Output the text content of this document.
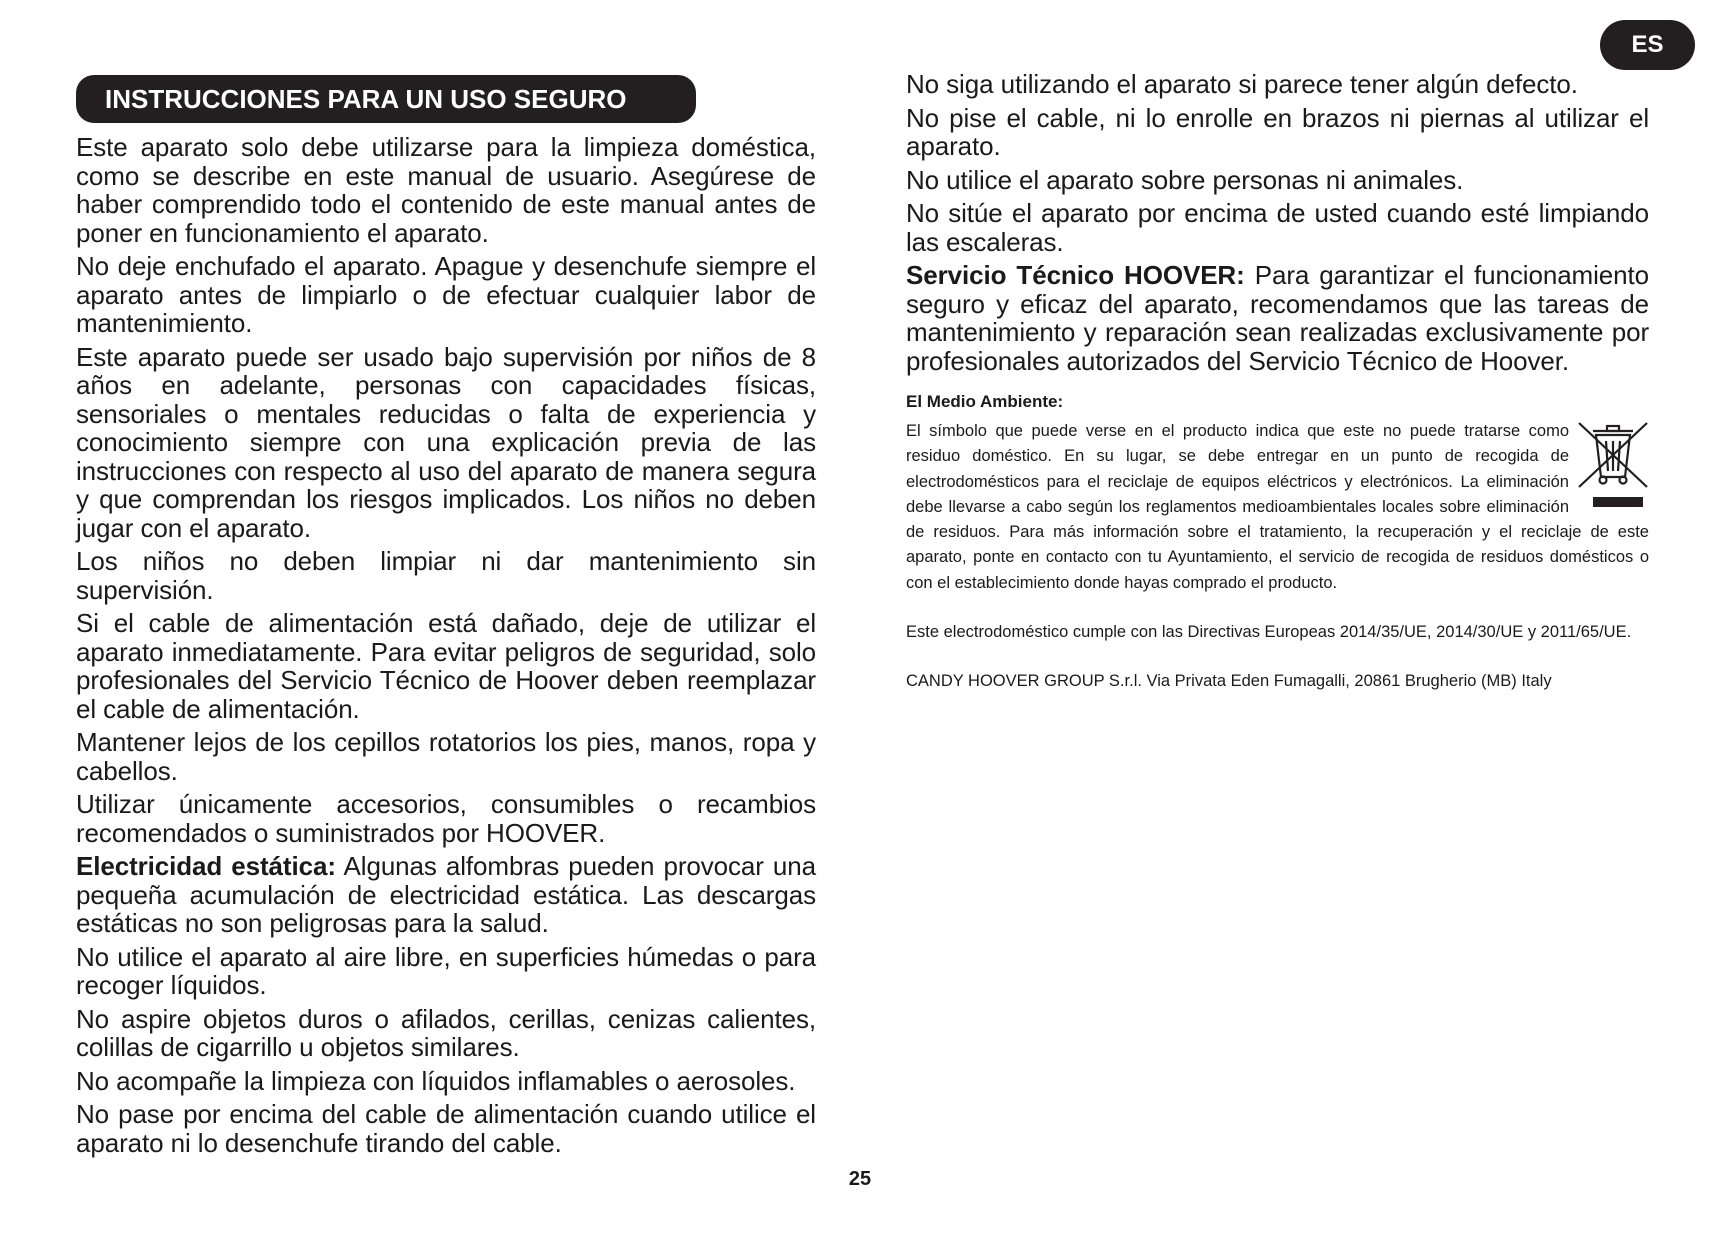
ES
INSTRUCCIONES PARA UN USO SEGURO

Este aparato solo debe utilizarse para la limpieza doméstica, como se describe en este manual de usuario. Asegúrese de haber comprendido todo el contenido de este manual antes de poner en funcionamiento el aparato.

No deje enchufado el aparato. Apague y desenchufe siempre el aparato antes de limpiarlo o de efectuar cualquier labor de mantenimiento.

Este aparato puede ser usado bajo supervisión por niños de 8 años en adelante, personas con capacidades físicas, sensoriales o mentales reducidas o falta de experiencia y conocimiento siempre con una explicación previa de las instrucciones con respecto al uso del aparato de manera segura y que comprendan los riesgos implicados. Los niños no deben jugar con el aparato.

Los niños no deben limpiar ni dar mantenimiento sin supervisión.

Si el cable de alimentación está dañado, deje de utilizar el aparato inmediatamente. Para evitar peligros de seguridad, solo profesionales del Servicio Técnico de Hoover deben reemplazar el cable de alimentación.

Mantener lejos de los cepillos rotatorios los pies, manos, ropa y cabellos.

Utilizar únicamente accesorios, consumibles o recambios recomendados o suministrados por HOOVER.

Electricidad estática: Algunas alfombras pueden provocar una pequeña acumulación de electricidad estática. Las descargas estáticas no son peligrosas para la salud.

No utilice el aparato al aire libre, en superficies húmedas o para recoger líquidos.

No aspire objetos duros o afilados, cerillas, cenizas calientes, colillas de cigarrillo u objetos similares.

No acompañe la limpieza con líquidos inflamables o aerosoles.

No pase por encima del cable de alimentación cuando utilice el aparato ni lo desenchufe tirando del cable.

No siga utilizando el aparato si parece tener algún defecto.

No pise el cable, ni lo enrolle en brazos ni piernas al utilizar el aparato.

No utilice el aparato sobre personas ni animales.

No sitúe el aparato por encima de usted cuando esté limpiando las escaleras.

Servicio Técnico HOOVER: Para garantizar el funcionamiento seguro y eficaz del aparato, recomendamos que las tareas de mantenimiento y reparación sean realizadas exclusivamente por profesionales autorizados del Servicio Técnico de Hoover.

El Medio Ambiente:

El símbolo que puede verse en el producto indica que este no puede tratarse como residuo doméstico. En su lugar, se debe entregar en un punto de recogida de electrodomésticos para el reciclaje de equipos eléctricos y electrónicos. La eliminación debe llevarse a cabo según los reglamentos medioambientales locales sobre eliminación de residuos. Para más información sobre el tratamiento, la recuperación y el reciclaje de este aparato, ponte en contacto con tu Ayuntamiento, el servicio de recogida de residuos domésticos o con el establecimiento donde hayas comprado el producto.

Este electrodoméstico cumple con las Directivas Europeas 2014/35/UE, 2014/30/UE y 2011/65/UE.

CANDY HOOVER GROUP S.r.l. Via Privata Eden Fumagalli, 20861 Brugherio (MB) Italy

25
